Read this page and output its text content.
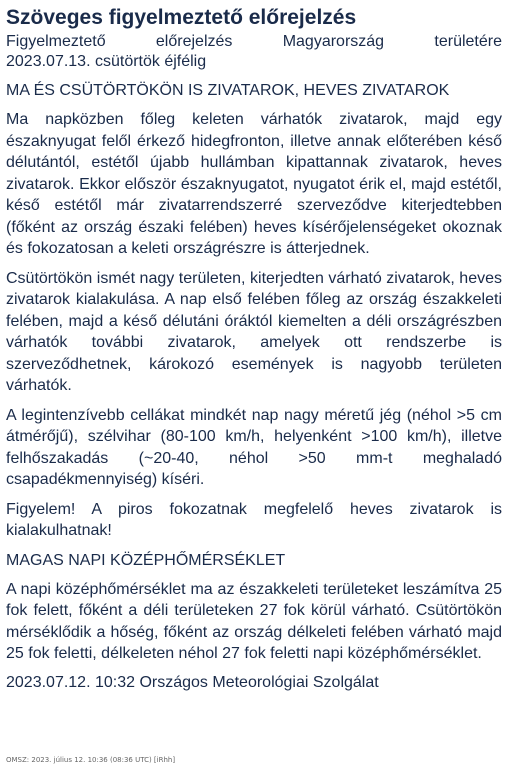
Szöveges figyelmeztető előrejelzés
Figyelmeztető előrejelzés Magyarország területére
2023.07.13. csütörtök éjfélig
MA ÉS CSÜTÖRTÖKÖN IS ZIVATAROK, HEVES ZIVATAROK

Ma napközben főleg keleten várhatók zivatarok, majd egy északnyugat felől érkező hidegfronton, illetve annak előterében késő délutántól, estétől újabb hullámban kipattannak zivatarok, heves zivatarok. Ekkor először északnyugatot, nyugatot érik el, majd estétől, késő estétől már zivatarrendszerré szerveződve kiterjedtebben (főként az ország északi felében) heves kísérőjelenségeket okoznak és fokozatosan a keleti országrészre is átterjednek.

Csütörtökön ismét nagy területen, kiterjedten várható zivatarok, heves zivatarok kialakulása. A nap első felében főleg az ország északkeleti felében, majd a késő délutáni óráktól kiemelten a déli országrészben várhatók további zivatarok, amelyek ott rendszerbe is szerveződhetnek, károkozó események is nagyobb területen várhatók.

A legintenzívebb cellákat mindkét nap nagy méretű jég (néhol >5 cm átmérőjű), szélvihar (80-100 km/h, helyenként >100 km/h), illetve felhőszakadás (~20-40, néhol >50 mm-t meghaladó csapadékmennyiség) kíséri.

Figyelem! A piros fokozatnak megfelelő heves zivatarok is kialakulhatnak!

MAGAS NAPI KÖZÉPHŐMÉRSÉKLET

A napi középhőmérséklet ma az északkeleti területeket leszámítva 25 fok felett, főként a déli területeken 27 fok körül várható. Csütörtökön mérséklődik a hőség, főként az ország délkeleti felében várható majd 25 fok feletti, délkeleten néhol 27 fok feletti napi középhőmérséklet.

2023.07.12. 10:32 Országos Meteorológiai Szolgálat
OMSZ: 2023. július 12. 10:36 (08:36 UTC) [iRhh]
